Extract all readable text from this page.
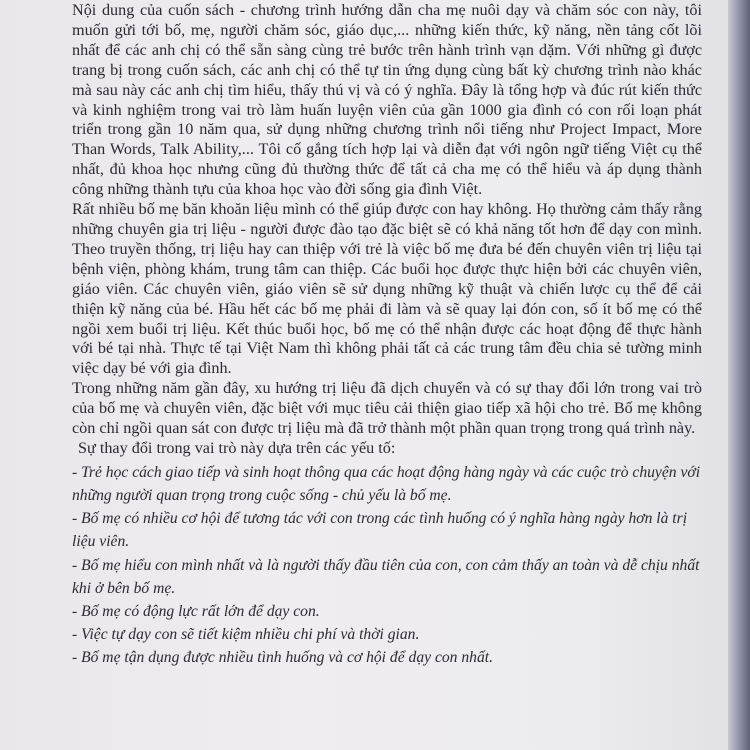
Nội dung của cuốn sách - chương trình hướng dẫn cha mẹ nuôi dạy và chăm sóc con này, tôi muốn gửi tới bố, mẹ, người chăm sóc, giáo dục,... những kiến thức, kỹ năng, nền tảng cốt lõi nhất để các anh chị có thể sẵn sàng cùng trẻ bước trên hành trình vạn dặm. Với những gì được trang bị trong cuốn sách, các anh chị có thể tự tin ứng dụng cùng bất kỳ chương trình nào khác mà sau này các anh chị tìm hiểu, thấy thú vị và có ý nghĩa. Đây là tổng hợp và đúc rút kiến thức và kinh nghiệm trong vai trò làm huấn luyện viên của gần 1000 gia đình có con rối loạn phát triển trong gần 10 năm qua, sử dụng những chương trình nổi tiếng như Project Impact, More Than Words, Talk Ability,... Tôi cố gắng tích hợp lại và diễn đạt với ngôn ngữ tiếng Việt cụ thể nhất, đủ khoa học nhưng cũng đủ thường thức để tất cả cha mẹ có thể hiểu và áp dụng thành công những thành tựu của khoa học vào đời sống gia đình Việt.

Rất nhiều bố mẹ băn khoăn liệu mình có thể giúp được con hay không. Họ thường cảm thấy rằng những chuyên gia trị liệu - người được đào tạo đặc biệt sẽ có khả năng tốt hơn để dạy con mình. Theo truyền thống, trị liệu hay can thiệp với trẻ là việc bố mẹ đưa bé đến chuyên viên trị liệu tại bệnh viện, phòng khám, trung tâm can thiệp. Các buổi học được thực hiện bởi các chuyên viên, giáo viên. Các chuyên viên, giáo viên sẽ sử dụng những kỹ thuật và chiến lược cụ thể để cải thiện kỹ năng của bé. Hầu hết các bố mẹ phải đi làm và sẽ quay lại đón con, số ít bố mẹ có thể ngồi xem buổi trị liệu. Kết thúc buổi học, bố mẹ có thể nhận được các hoạt động để thực hành với bé tại nhà. Thực tế tại Việt Nam thì không phải tất cả các trung tâm đều chia sẻ tường minh việc dạy bé với gia đình.

Trong những năm gần đây, xu hướng trị liệu đã dịch chuyển và có sự thay đổi lớn trong vai trò của bố mẹ và chuyên viên, đặc biệt với mục tiêu cải thiện giao tiếp xã hội cho trẻ. Bố mẹ không còn chỉ ngồi quan sát con được trị liệu mà đã trở thành một phần quan trọng trong quá trình này.

Sự thay đổi trong vai trò này dựa trên các yếu tố:

- Trẻ học cách giao tiếp và sinh hoạt thông qua các hoạt động hàng ngày và các cuộc trò chuyện với những người quan trọng trong cuộc sống - chủ yếu là bố mẹ.

- Bố mẹ có nhiều cơ hội để tương tác với con trong các tình huống có ý nghĩa hàng ngày hơn là trị liệu viên.

- Bố mẹ hiểu con mình nhất và là người thấy đầu tiên của con, con cảm thấy an toàn và dễ chịu nhất khi ở bên bố mẹ.

- Bố mẹ có động lực rất lớn để dạy con.

- Việc tự dạy con sẽ tiết kiệm nhiều chi phí và thời gian.

- Bố mẹ tận dụng được nhiều tình huống và cơ hội để dạy con nhất.
